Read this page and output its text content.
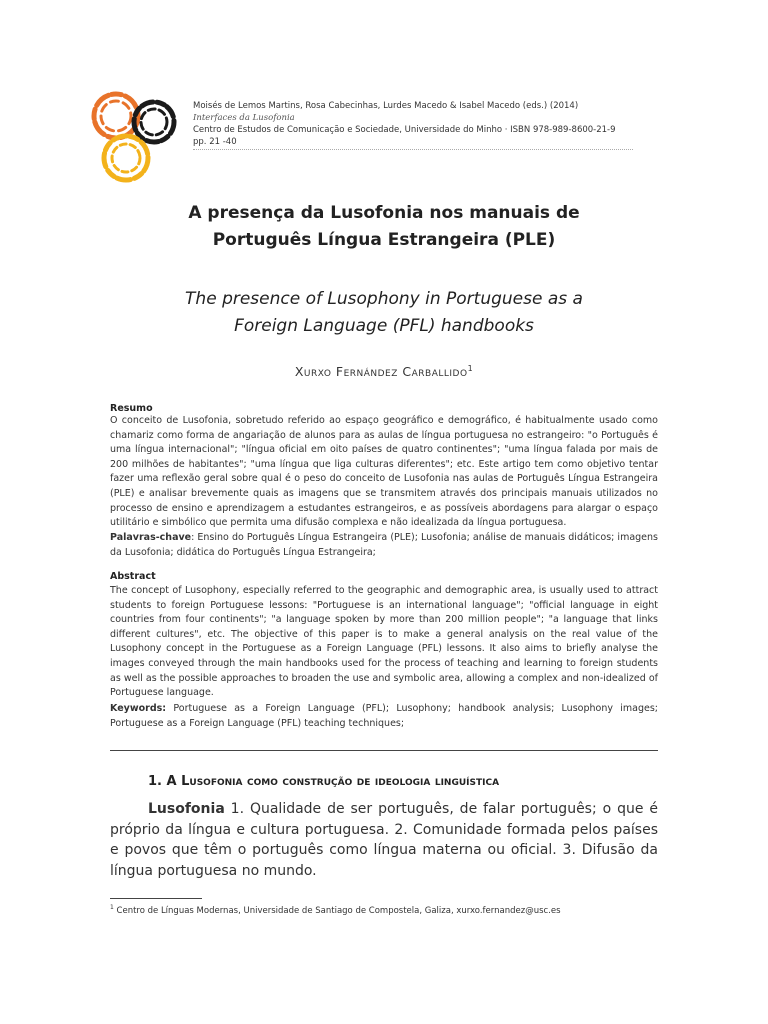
Moisés de Lemos Martins, Rosa Cabecinhas, Lurdes Macedo & Isabel Macedo (eds.) (2014)
Interfaces da Lusofonia
Centro de Estudos de Comunicação e Sociedade, Universidade do Minho · ISBN 978-989-8600-21-9
pp. 21 -40
A presença da Lusofonia nos manuais de
Português Língua Estrangeira (PLE)
The presence of Lusophony in Portuguese as a
Foreign Language (PFL) handbooks
Xurxo Fernández Carballido$^1$
Resumo
O conceito de Lusofonia, sobretudo referido ao espaço geográfico e demográfico, é habitualmente usado como chamariz como forma de angariação de alunos para as aulas de língua portuguesa no estrangeiro: "o Português é uma língua internacional"; "língua oficial em oito países de quatro continentes"; "uma língua falada por mais de 200 milhões de habitantes"; "uma língua que liga culturas diferentes"; etc. Este artigo tem como objetivo tentar fazer uma reflexão geral sobre qual é o peso do conceito de Lusofonia nas aulas de Português Língua Estrangeira (PLE) e analisar brevemente quais as imagens que se transmitem através dos principais manuais utilizados no processo de ensino e aprendizagem a estudantes estrangeiros, e as possíveis abordagens para alargar o espaço utilitário e simbólico que permita uma difusão complexa e não idealizada da língua portuguesa.
Palavras-chave: Ensino do Português Língua Estrangeira (PLE); Lusofonia; análise de manuais didáticos; imagens da Lusofonia; didática do Português Língua Estrangeira;
Abstract
The concept of Lusophony, especially referred to the geographic and demographic area, is usually used to attract students to foreign Portuguese lessons: "Portuguese is an international language"; "official language in eight countries from four continents"; "a language spoken by more than 200 million people"; "a language that links different cultures", etc. The objective of this paper is to make a general analysis on the real value of the Lusophony concept in the Portuguese as a Foreign Language (PFL) lessons. It also aims to briefly analyse the images conveyed through the main handbooks used for the process of teaching and learning to foreign students as well as the possible approaches to broaden the use and symbolic area, allowing a complex and non-idealized of Portuguese language.
Keywords: Portuguese as a Foreign Language (PFL); Lusophony; handbook analysis; Lusophony images; Portuguese as a Foreign Language (PFL) teaching techniques;
1. A Lusofonia como construção de ideologia linguística
Lusofonia 1. Qualidade de ser português, de falar português; o que é próprio da língua e cultura portuguesa. 2. Comunidade formada pelos países e povos que têm o português como língua materna ou oficial. 3. Difusão da língua portuguesa no mundo.
$^1$ Centro de Línguas Modernas, Universidade de Santiago de Compostela, Galiza, xurxo.fernandez@usc.es
